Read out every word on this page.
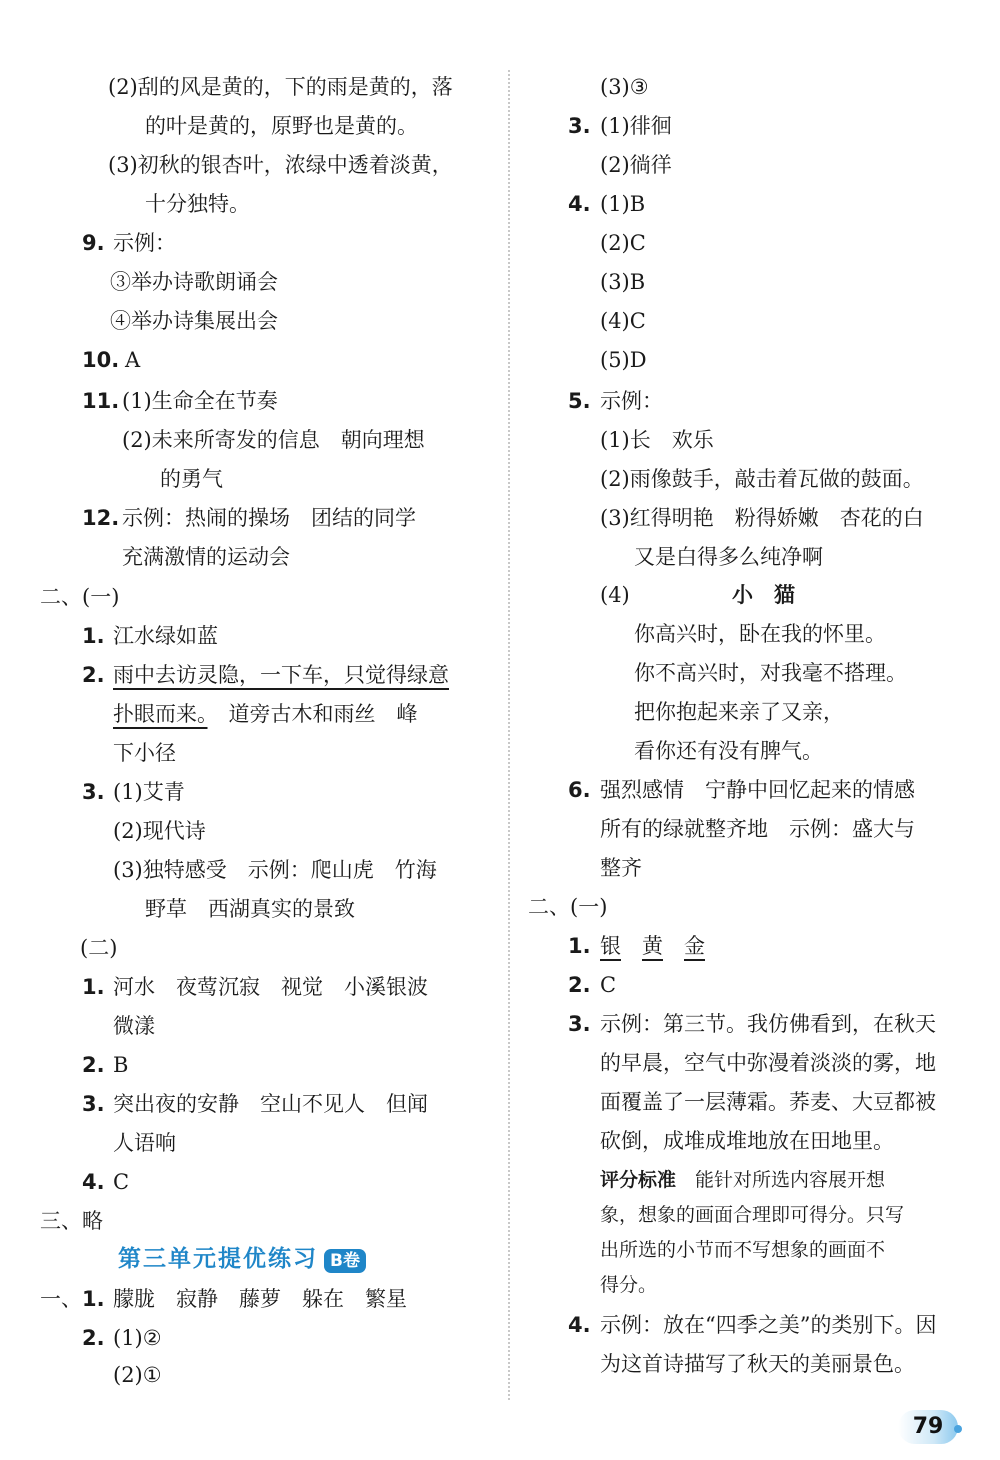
(2)刮的风是黄的，下的雨是黄的，落
的叶是黄的，原野也是黄的。
(3)初秋的银杏叶，浓绿中透着淡黄，
十分独特。
9. 示例：
③举办诗歌朗诵会
④举办诗集展出会
10. A
11. (1)生命全在节奏
(2)未来所寄发的信息　朝向理想
的勇气
12. 示例：热闹的操场　团结的同学
充满激情的运动会
二、(一)
1. 江水绿如蓝
2. 雨中去访灵隐，一下车，只觉得绿意
扑眼而来。　道旁古木和雨丝　峰
下小径
3. (1)艾青
(2)现代诗
(3)独特感受　示例：爬山虎　竹海
野草　西湖真实的景致
(二)
1. 河水　夜莺沉寂　视觉　小溪银波
微漾
2. B
3. 突出夜的安静　空山不见人　但闻
人语响
4. C
三、略
第三单元提优练习 B卷
一、 1. 朦胧　寂静　藤萝　躲在　繁星
2. (1)②
(2)①
(3)③
3. (1)徘徊
(2)徜徉
4. (1)B
(2)C
(3)B
(4)C
(5)D
5. 示例：
(1)长　欢乐
(2)雨像鼓手，敲击着瓦做的鼓面。
(3)红得明艳　粉得娇嫩　杏花的白
又是白得多么纯净啊
(4)	小　猫
你高兴时，卧在我的怀里。
你不高兴时，对我毫不搭理。
把你抱起来亲了又亲，
看你还有没有脾气。
6. 强烈感情　宁静中回忆起来的情感
所有的绿就整齐地　示例：盛大与
整齐
二、(一)
1. 银　 黄　 金
2. C
3. 示例：第三节。我仿佛看到，在秋天
的早晨，空气中弥漫着淡淡的雾，地
面覆盖了一层薄霜。荞麦、大豆都被
砍倒，成堆成堆地放在田地里。
评分标准　能针对所选内容展开想
象，想象的画面合理即可得分。只写
出所选的小节而不写想象的画面不
得分。
4. 示例：放在“四季之美”的类别下。因
为这首诗描写了秋天的美丽景色。
79
